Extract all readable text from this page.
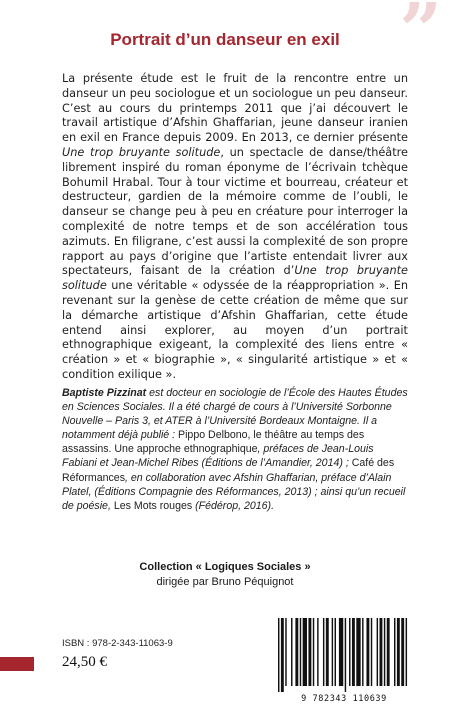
”
Portrait d’un danseur en exil

La présente étude est le fruit de la rencontre entre un danseur un peu sociologue et un sociologue un peu danseur. C’est au cours du printemps 2011 que j’ai découvert le travail artistique d’Afshin Ghaffarian, jeune danseur iranien en exil en France depuis 2009. En 2013, ce dernier présente Une trop bruyante solitude, un spectacle de danse/théâtre librement inspiré du roman éponyme de l’écrivain tchèque Bohumil Hrabal. Tour à tour victime et bourreau, créateur et destructeur, gardien de la mémoire comme de l’oubli, le danseur se change peu à peu en créature pour interroger la complexité de notre temps et de son accélération tous azimuts. En filigrane, c’est aussi la complexité de son propre rapport au pays d’origine que l’artiste entendait livrer aux spectateurs, faisant de la création d’Une trop bruyante solitude une véritable « odyssée de la réappropriation ». En revenant sur la genèse de cette création de même que sur la démarche artistique d’Afshin Ghaffarian, cette étude entend ainsi explorer, au moyen d’un portrait ethnographique exigeant, la complexité des liens entre « création » et « biographie », « singularité artistique » et « condition exilique ».

Baptiste Pizzinat est docteur en sociologie de l’École des Hautes Études en Sciences Sociales. Il a été chargé de cours à l’Université Sorbonne Nouvelle – Paris 3, et ATER à l’Université Bordeaux Montaigne. Il a notamment déjà publié : Pippo Delbono, le théâtre au temps des assassins. Une approche ethnographique, préfaces de Jean-Louis Fabiani et Jean-Michel Ribes (Éditions de l’Amandier, 2014) ; Café des Réformances, en collaboration avec Afshin Ghaffarian, préface d’Alain Platel, (Éditions Compagnie des Réformances, 2013) ; ainsi qu’un recueil de poésie, Les Mots rouges (Fédérop, 2016).

Collection « Logiques Sociales »
dirigée par Bruno Péquignot
ISBN : 978-2-343-11063-9
24,50 €
9 782343 110639
